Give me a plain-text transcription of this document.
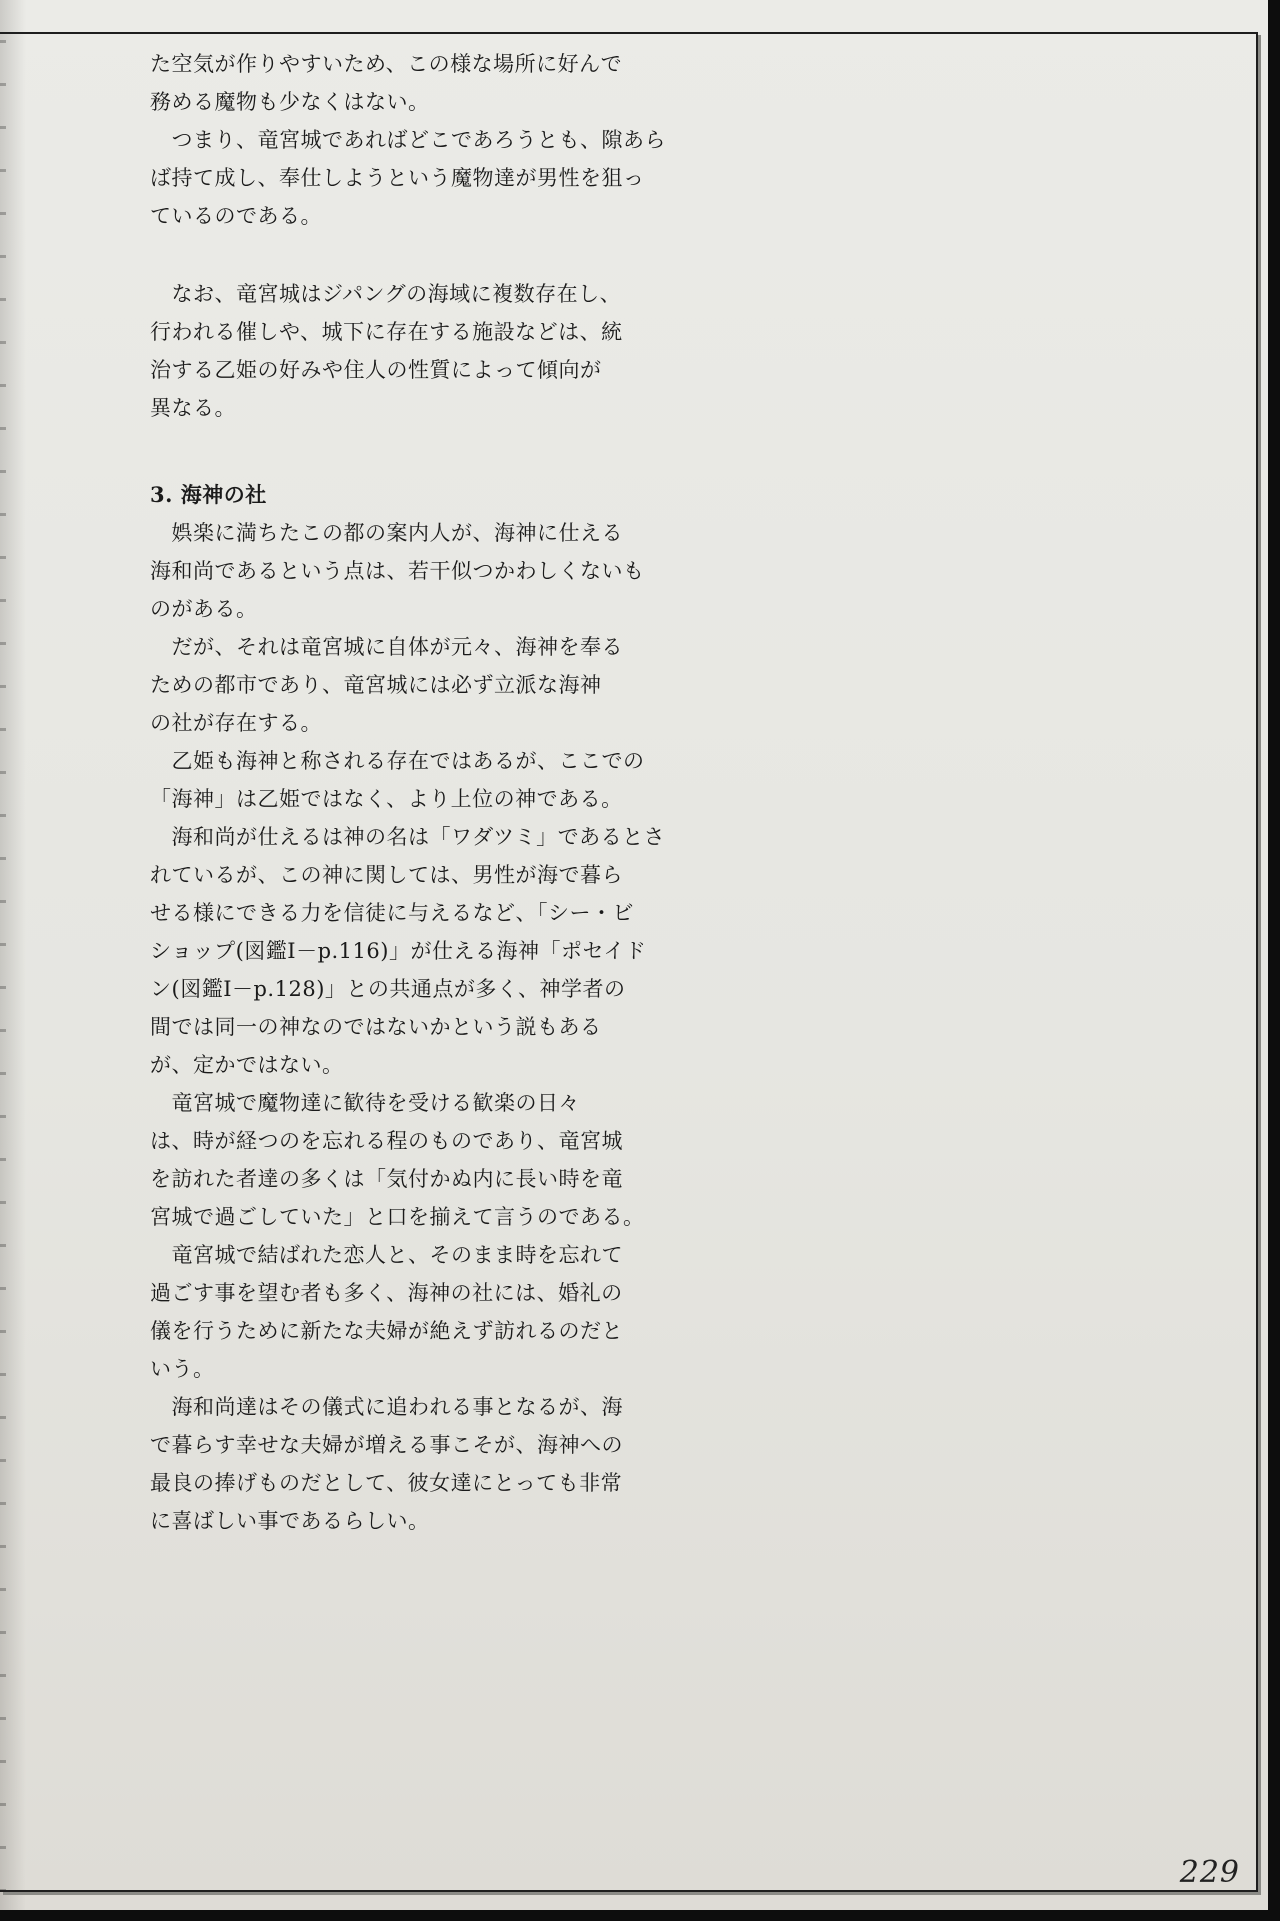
た空気が作りやすいため、この様な場所に好んで
務める魔物も少なくはない。
　つまり、竜宮城であればどこであろうとも、隙あら
ば持て成し、奉仕しようという魔物達が男性を狙っ
ているのである。
　なお、竜宮城はジパングの海域に複数存在し、
行われる催しや、城下に存在する施設などは、統
治する乙姫の好みや住人の性質によって傾向が
異なる。
3. 海神の社
　娯楽に満ちたこの都の案内人が、海神に仕える
海和尚であるという点は、若干似つかわしくないも
のがある。
　だが、それは竜宮城に自体が元々、海神を奉る
ための都市であり、竜宮城には必ず立派な海神
の社が存在する。
　乙姫も海神と称される存在ではあるが、ここでの
「海神」は乙姫ではなく、より上位の神である。
　海和尚が仕えるは神の名は「ワダツミ」であるとさ
れているが、この神に関しては、男性が海で暮ら
せる様にできる力を信徒に与えるなど、「シー・ビ
ショップ(図鑑Ⅰ－p.116)」が仕える海神「ポセイド
ン(図鑑Ⅰ－p.128)」との共通点が多く、神学者の
間では同一の神なのではないかという説もある
が、定かではない。
　竜宮城で魔物達に歓待を受ける歓楽の日々
は、時が経つのを忘れる程のものであり、竜宮城
を訪れた者達の多くは「気付かぬ内に長い時を竜
宮城で過ごしていた」と口を揃えて言うのである。
　竜宮城で結ばれた恋人と、そのまま時を忘れて
過ごす事を望む者も多く、海神の社には、婚礼の
儀を行うために新たな夫婦が絶えず訪れるのだと
いう。
　海和尚達はその儀式に追われる事となるが、海
で暮らす幸せな夫婦が増える事こそが、海神への
最良の捧げものだとして、彼女達にとっても非常
に喜ばしい事であるらしい。
229
